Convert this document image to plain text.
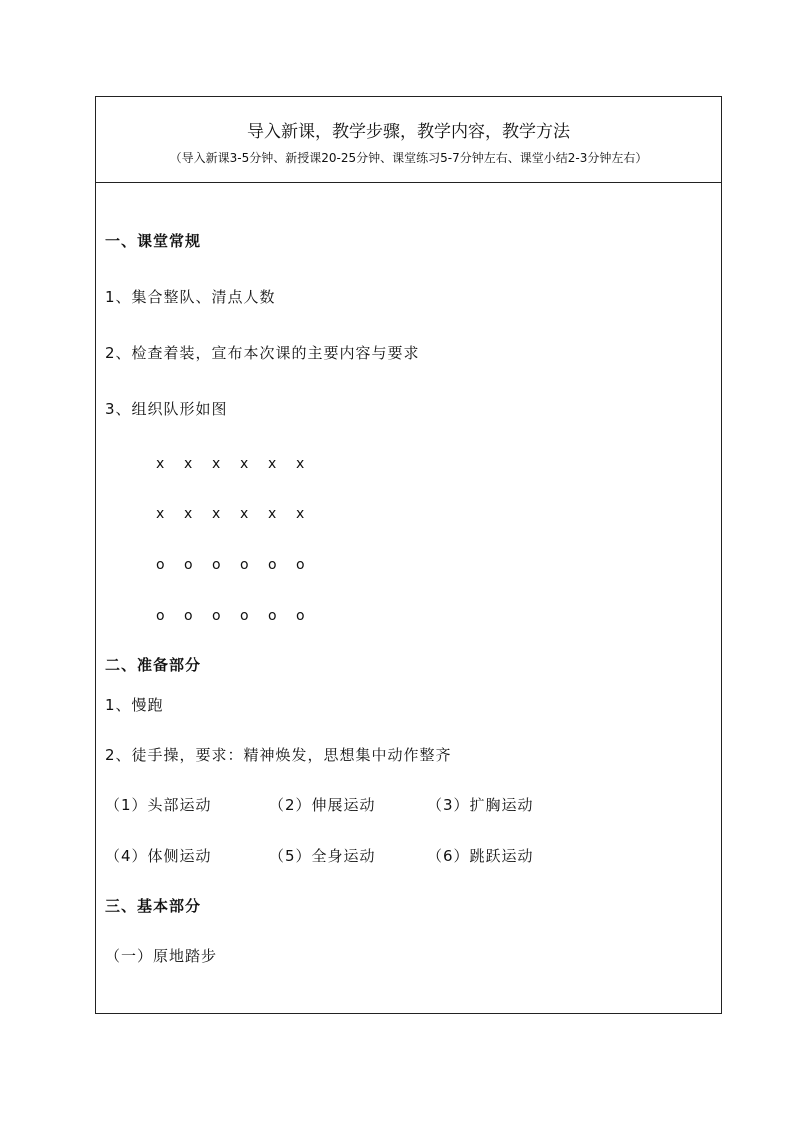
导入新课，教学步骤，教学内容，教学方法
（导入新课3-5分钟、新授课20-25分钟、课堂练习5-7分钟左右、课堂小结2-3分钟左右）
一、课堂常规
1、集合整队、清点人数
2、检查着装，宣布本次课的主要内容与要求
3、组织队形如图
x x x x x x
x x x x x x
o o o o o o
o o o o o o
二、准备部分
1、慢跑
2、徒手操，要求：精神焕发，思想集中动作整齐
（1）头部运动	（2）伸展运动	（3）扩胸运动
（4）体侧运动	（5）全身运动	（6）跳跃运动
三、基本部分
（一）原地踏步
